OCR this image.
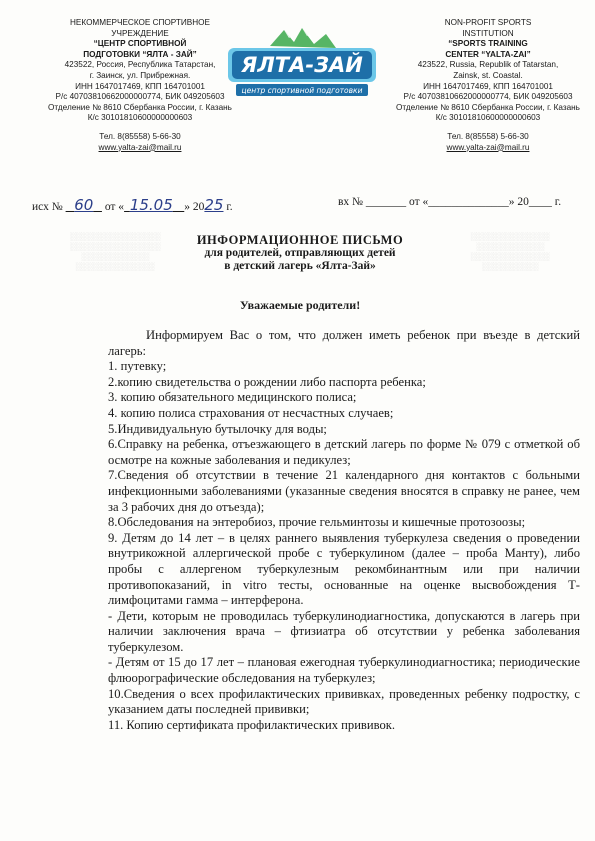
НЕКОММЕРЧЕСКОЕ СПОРТИВНОЕ
УЧРЕЖДЕНИЕ
“ЦЕНТР СПОРТИВНОЙ
ПОДГОТОВКИ “ЯЛТА - ЗАЙ”
423522, Россия, Республика Татарстан,
г. Заинск, ул. Прибрежная.
ИНН 1647017469, КПП 164701001
Р/с 40703810662000000774, БИК 049205603
Отделение № 8610 Сбербанка России, г. Казань
К/с 30101810600000000603
Тел. 8(85558) 5-66-30
www.yalta-zai@mail.ru
ЯЛТА-ЗАЙ
центр спортивной подготовки
NON-PROFIT SPORTS
INSTITUTION
“SPORTS TRAINING
CENTER “YALTA-ZAI”
423522, Russia, Republik of Tatarstan,
Zainsk, st. Coastal.
ИНН 1647017469, КПП 164701001
Р/с 40703810662000000774, БИК 049205603
Отделение № 8610 Сбербанка России, г. Казань
К/с 30101810600000000603
Тел. 8(85558) 5-66-30
www.yalta-zai@mail.ru
░░░░░░░░░░░░░░░░
░░░░░░░░░░░░░░░░
░░░░░░░░░░░░
░░░░░░░░░░░░░░
░░░░░░░░░░░░░░
░░░░░░░░░░░░
░░░░░░░░░░░░░░
░░░░░░░░░░
исх № 60 от « 15.05 » 2025 г.	вх № _______ от «______________» 20____ г.
ИНФОРМАЦИОННОЕ ПИСЬМО
для родителей, отправляющих детей
в детский лагерь «Ялта-Зай»
Уважаемые родители!

Информируем Вас о том, что должен иметь ребенок при въезде в детский лагерь:

1. путевку;

2.копию свидетельства о рождении либо паспорта ребенка;

3. копию обязательного медицинского полиса;

4. копию полиса страхования от несчастных случаев;

5.Индивидуальную бутылочку для воды;

6.Справку на ребенка, отъезжающего в детский лагерь по форме № 079 с отметкой об осмотре на кожные заболевания и педикулез;

7.Сведения об отсутствии в течение 21 календарного дня контактов с больными инфекционными заболеваниями (указанные сведения вносятся в справку не ранее, чем за 3 рабочих дня до отъезда);

8.Обследования на энтеробиоз, прочие гельминтозы и кишечные протозоозы;

9. Детям до 14 лет – в целях раннего выявления туберкулеза сведения о проведении внутрикожной аллергической пробе с туберкулином (далее – проба Манту), либо пробы с аллергеном туберкулезным рекомбинантным или при наличии противопоказаний, in vitro тесты, основанные на оценке высвобождения Т- лимфоцитами гамма – интерферона.

- Дети, которым не проводилась туберкулинодиагностика, допускаются в лагерь при наличии заключения врача – фтизиатра об отсутствии у ребенка заболевания туберкулезом.

- Детям от 15 до 17 лет – плановая ежегодная туберкулинодиагностика; периодические флюорографические обследования на туберкулез;

10.Сведения о всех профилактических прививках, проведенных ребенку подростку, с указанием даты последней прививки;

11. Копию сертификата профилактических прививок.
